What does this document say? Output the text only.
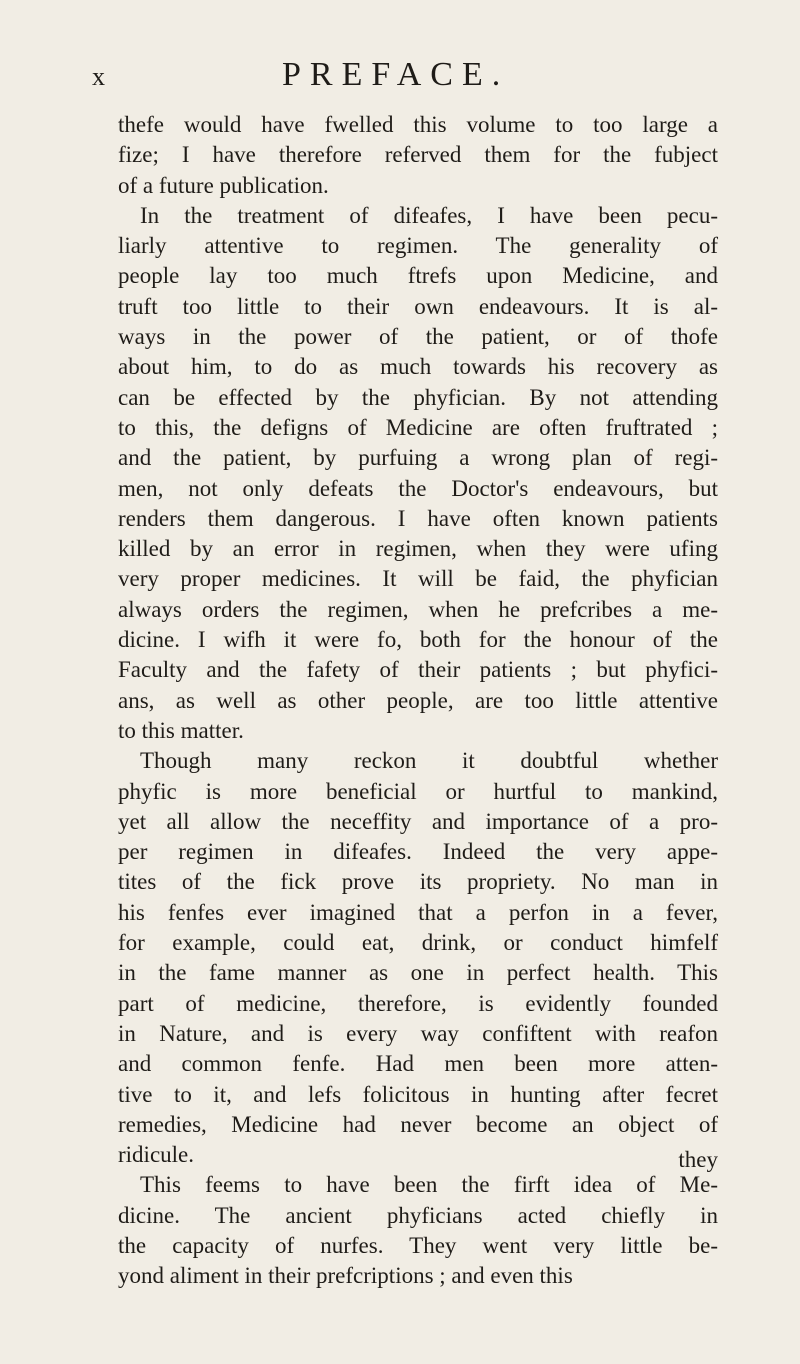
x	PREFACE.
thefe would have fwelled this volume to too large a
fize; I have therefore referved them for the fubject
of a future publication.
In the treatment of difeafes, I have been pecu-
liarly attentive to regimen. The generality of
people lay too much ftrefs upon Medicine, and
truft too little to their own endeavours. It is al-
ways in the power of the patient, or of thofe
about him, to do as much towards his recovery as
can be effected by the phyfician. By not attending
to this, the defigns of Medicine are often fruftrated ;
and the patient, by purfuing a wrong plan of regi-
men, not only defeats the Doctor's endeavours, but
renders them dangerous. I have often known patients
killed by an error in regimen, when they were ufing
very proper medicines. It will be faid, the phyfician
always orders the regimen, when he prefcribes a me-
dicine. I wifh it were fo, both for the honour of the
Faculty and the fafety of their patients ; but phyfici-
ans, as well as other people, are too little attentive
to this matter.
Though many reckon it doubtful whether
phyfic is more beneficial or hurtful to mankind,
yet all allow the neceffity and importance of a pro-
per regimen in difeafes. Indeed the very appe-
tites of the fick prove its propriety. No man in
his fenfes ever imagined that a perfon in a fever,
for example, could eat, drink, or conduct himfelf
in the fame manner as one in perfect health. This
part of medicine, therefore, is evidently founded
in Nature, and is every way confiftent with reafon
and common fenfe. Had men been more atten-
tive to it, and lefs folicitous in hunting after fecret
remedies, Medicine had never become an object of
ridicule.
This feems to have been the firft idea of Me-
dicine. The ancient phyficians acted chiefly in
the capacity of nurfes. They went very little be-
yond aliment in their prefcriptions ; and even this
they
